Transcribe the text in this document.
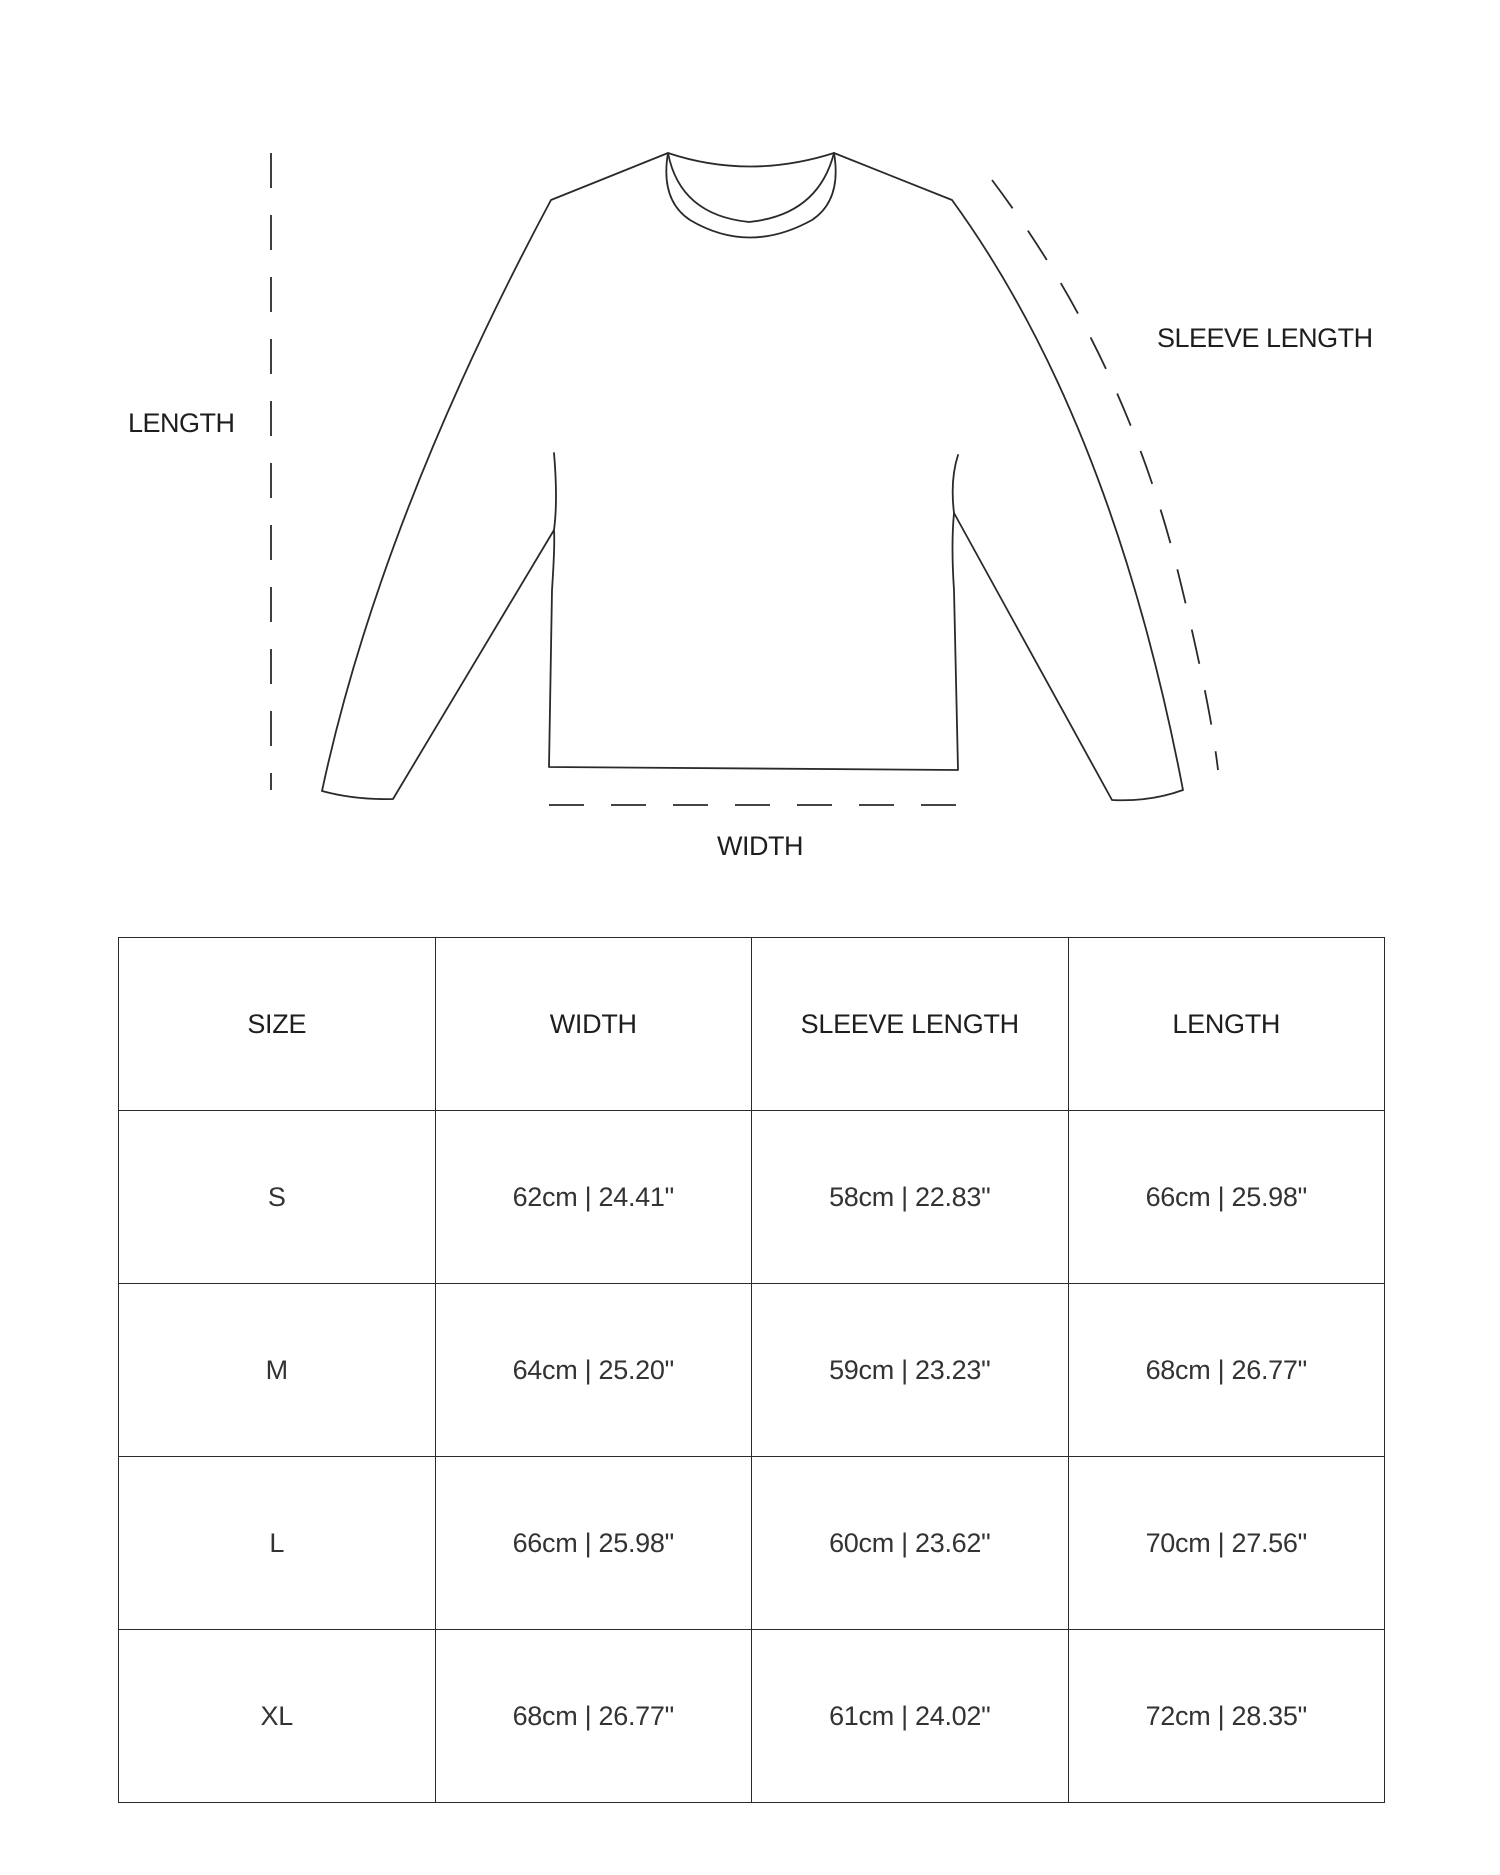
LENGTH
SLEEVE LENGTH
WIDTH
SIZE	WIDTH	SLEEVE LENGTH	LENGTH
S	62cm | 24.41"	58cm | 22.83"	66cm | 25.98"
M	64cm | 25.20"	59cm | 23.23"	68cm | 26.77"
L	66cm | 25.98"	60cm | 23.62"	70cm | 27.56"
XL	68cm | 26.77"	61cm | 24.02"	72cm | 28.35"
